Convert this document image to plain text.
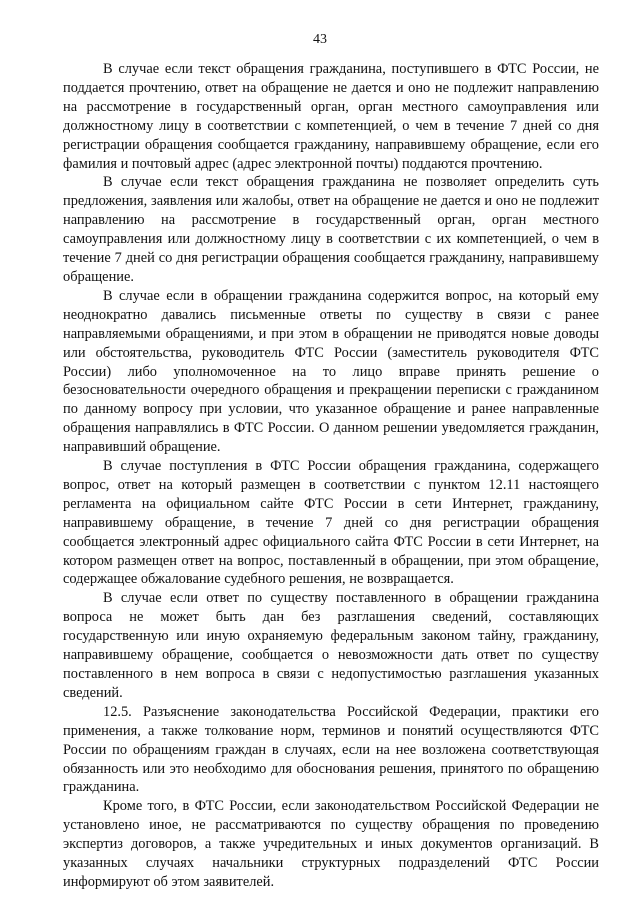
43

В случае если текст обращения гражданина, поступившего в ФТС России, не поддается прочтению, ответ на обращение не дается и оно не подлежит направлению на рассмотрение в государственный орган, орган местного самоуправления или должностному лицу в соответствии с компетенцией, о чем в течение 7 дней со дня регистрации обращения сообщается гражданину, направившему обращение, если его фамилия и почтовый адрес (адрес электронной почты) поддаются прочтению.

В случае если текст обращения гражданина не позволяет определить суть предложения, заявления или жалобы, ответ на обращение не дается и оно не подлежит направлению на рассмотрение в государственный орган, орган местного самоуправления или должностному лицу в соответствии с их компетенцией, о чем в течение 7 дней со дня регистрации обращения сообщается гражданину, направившему обращение.

В случае если в обращении гражданина содержится вопрос, на который ему неоднократно давались письменные ответы по существу в связи с ранее направляемыми обращениями, и при этом в обращении не приводятся новые доводы или обстоятельства, руководитель ФТС России (заместитель руководителя ФТС России) либо уполномоченное на то лицо вправе принять решение о безосновательности очередного обращения и прекращении переписки с гражданином по данному вопросу при условии, что указанное обращение и ранее направленные обращения направлялись в ФТС России. О данном решении уведомляется гражданин, направивший обращение.

В случае поступления в ФТС России обращения гражданина, содержащего вопрос, ответ на который размещен в соответствии с пунктом 12.11 настоящего регламента на официальном сайте ФТС России в сети Интернет, гражданину, направившему обращение, в течение 7 дней со дня регистрации обращения сообщается электронный адрес официального сайта ФТС России в сети Интернет, на котором размещен ответ на вопрос, поставленный в обращении, при этом обращение, содержащее обжалование судебного решения, не возвращается.

В случае если ответ по существу поставленного в обращении гражданина вопроса не может быть дан без разглашения сведений, составляющих государственную или иную охраняемую федеральным законом тайну, гражданину, направившему обращение, сообщается о невозможности дать ответ по существу поставленного в нем вопроса в связи с недопустимостью разглашения указанных сведений.

12.5. Разъяснение законодательства Российской Федерации, практики его применения, а также толкование норм, терминов и понятий осуществляются ФТС России по обращениям граждан в случаях, если на нее возложена соответствующая обязанность или это необходимо для обоснования решения, принятого по обращению гражданина.

Кроме того, в ФТС России, если законодательством Российской Федерации не установлено иное, не рассматриваются по существу обращения по проведению экспертиз договоров, а также учредительных и иных документов организаций. В указанных случаях начальники структурных подразделений ФТС России информируют об этом заявителей.
